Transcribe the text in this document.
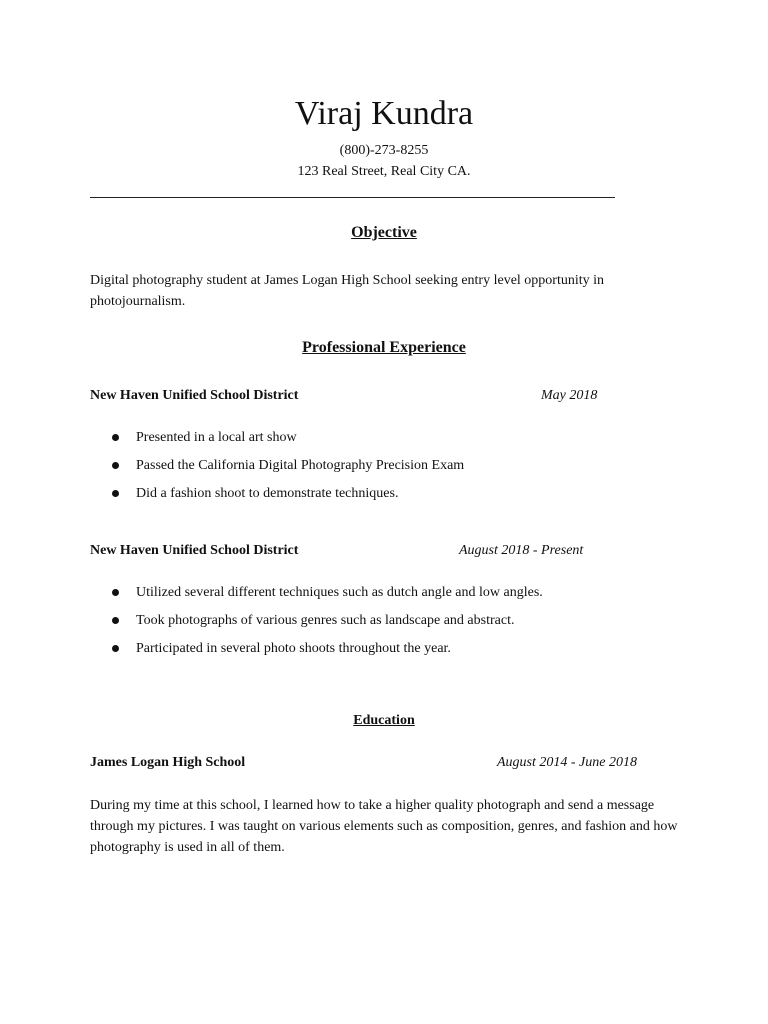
Viraj Kundra
(800)-273-8255
123 Real Street, Real City CA.
Objective
Digital photography student at James Logan High School seeking entry level opportunity in photojournalism.
Professional Experience
New Haven Unified School District	May 2018
Presented in a local art show
Passed the California Digital Photography Precision Exam
Did a fashion shoot to demonstrate techniques.
New Haven Unified School District	August 2018 - Present
Utilized several different techniques such as dutch angle and low angles.
Took photographs of various genres such as landscape and abstract.
Participated in several photo shoots throughout the year.
Education
James Logan High School	August 2014 - June 2018
During my time at this school, I learned how to take a higher quality photograph and send a message through my pictures. I was taught on various elements such as composition, genres, and fashion and how photography is used in all of them.
